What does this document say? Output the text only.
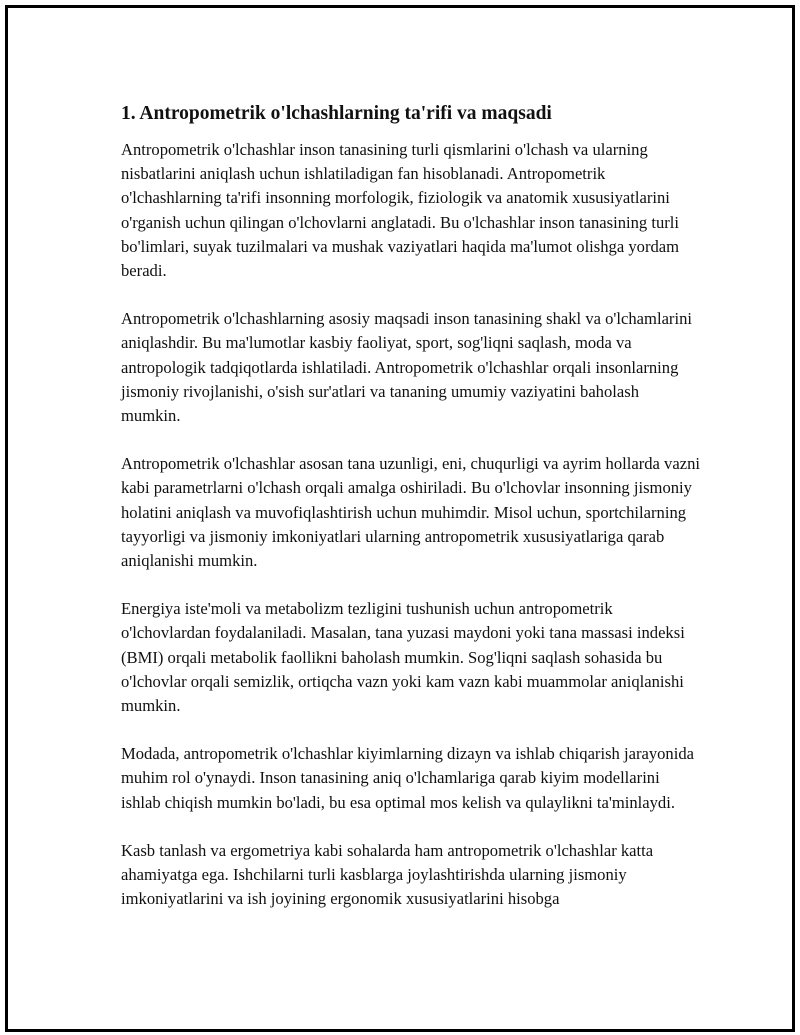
1. Antropometrik o'lchashlarning ta'rifi va maqsadi

Antropometrik o'lchashlar inson tanasining turli qismlarini o'lchash va ularning nisbatlarini aniqlash uchun ishlatiladigan fan hisoblanadi. Antropometrik o'lchashlarning ta'rifi insonning morfologik, fiziologik va anatomik xususiyatlarini o'rganish uchun qilingan o'lchovlarni anglatadi. Bu o'lchashlar inson tanasining turli bo'limlari, suyak tuzilmalari va mushak vaziyatlari haqida ma'lumot olishga yordam beradi.

Antropometrik o'lchashlarning asosiy maqsadi inson tanasining shakl va o'lchamlarini aniqlashdir. Bu ma'lumotlar kasbiy faoliyat, sport, sog'liqni saqlash, moda va antropologik tadqiqotlarda ishlatiladi. Antropometrik o'lchashlar orqali insonlarning jismoniy rivojlanishi, o'sish sur'atlari va tananing umumiy vaziyatini baholash mumkin.

Antropometrik o'lchashlar asosan tana uzunligi, eni, chuqurligi va ayrim hollarda vazni kabi parametrlarni o'lchash orqali amalga oshiriladi. Bu o'lchovlar insonning jismoniy holatini aniqlash va muvofiqlashtirish uchun muhimdir. Misol uchun, sportchilarning tayyorligi va jismoniy imkoniyatlari ularning antropometrik xususiyatlariga qarab aniqlanishi mumkin.

Energiya iste'moli va metabolizm tezligini tushunish uchun antropometrik o'lchovlardan foydalaniladi. Masalan, tana yuzasi maydoni yoki tana massasi indeksi (BMI) orqali metabolik faollikni baholash mumkin. Sog'liqni saqlash sohasida bu o'lchovlar orqali semizlik, ortiqcha vazn yoki kam vazn kabi muammolar aniqlanishi mumkin.

Modada, antropometrik o'lchashlar kiyimlarning dizayn va ishlab chiqarish jarayonida muhim rol o'ynaydi. Inson tanasining aniq o'lchamlariga qarab kiyim modellarini ishlab chiqish mumkin bo'ladi, bu esa optimal mos kelish va qulaylikni ta'minlaydi.

Kasb tanlash va ergometriya kabi sohalarda ham antropometrik o'lchashlar katta ahamiyatga ega. Ishchilarni turli kasblarga joylashtirishda ularning jismoniy imkoniyatlarini va ish joyining ergonomik xususiyatlarini hisobga
